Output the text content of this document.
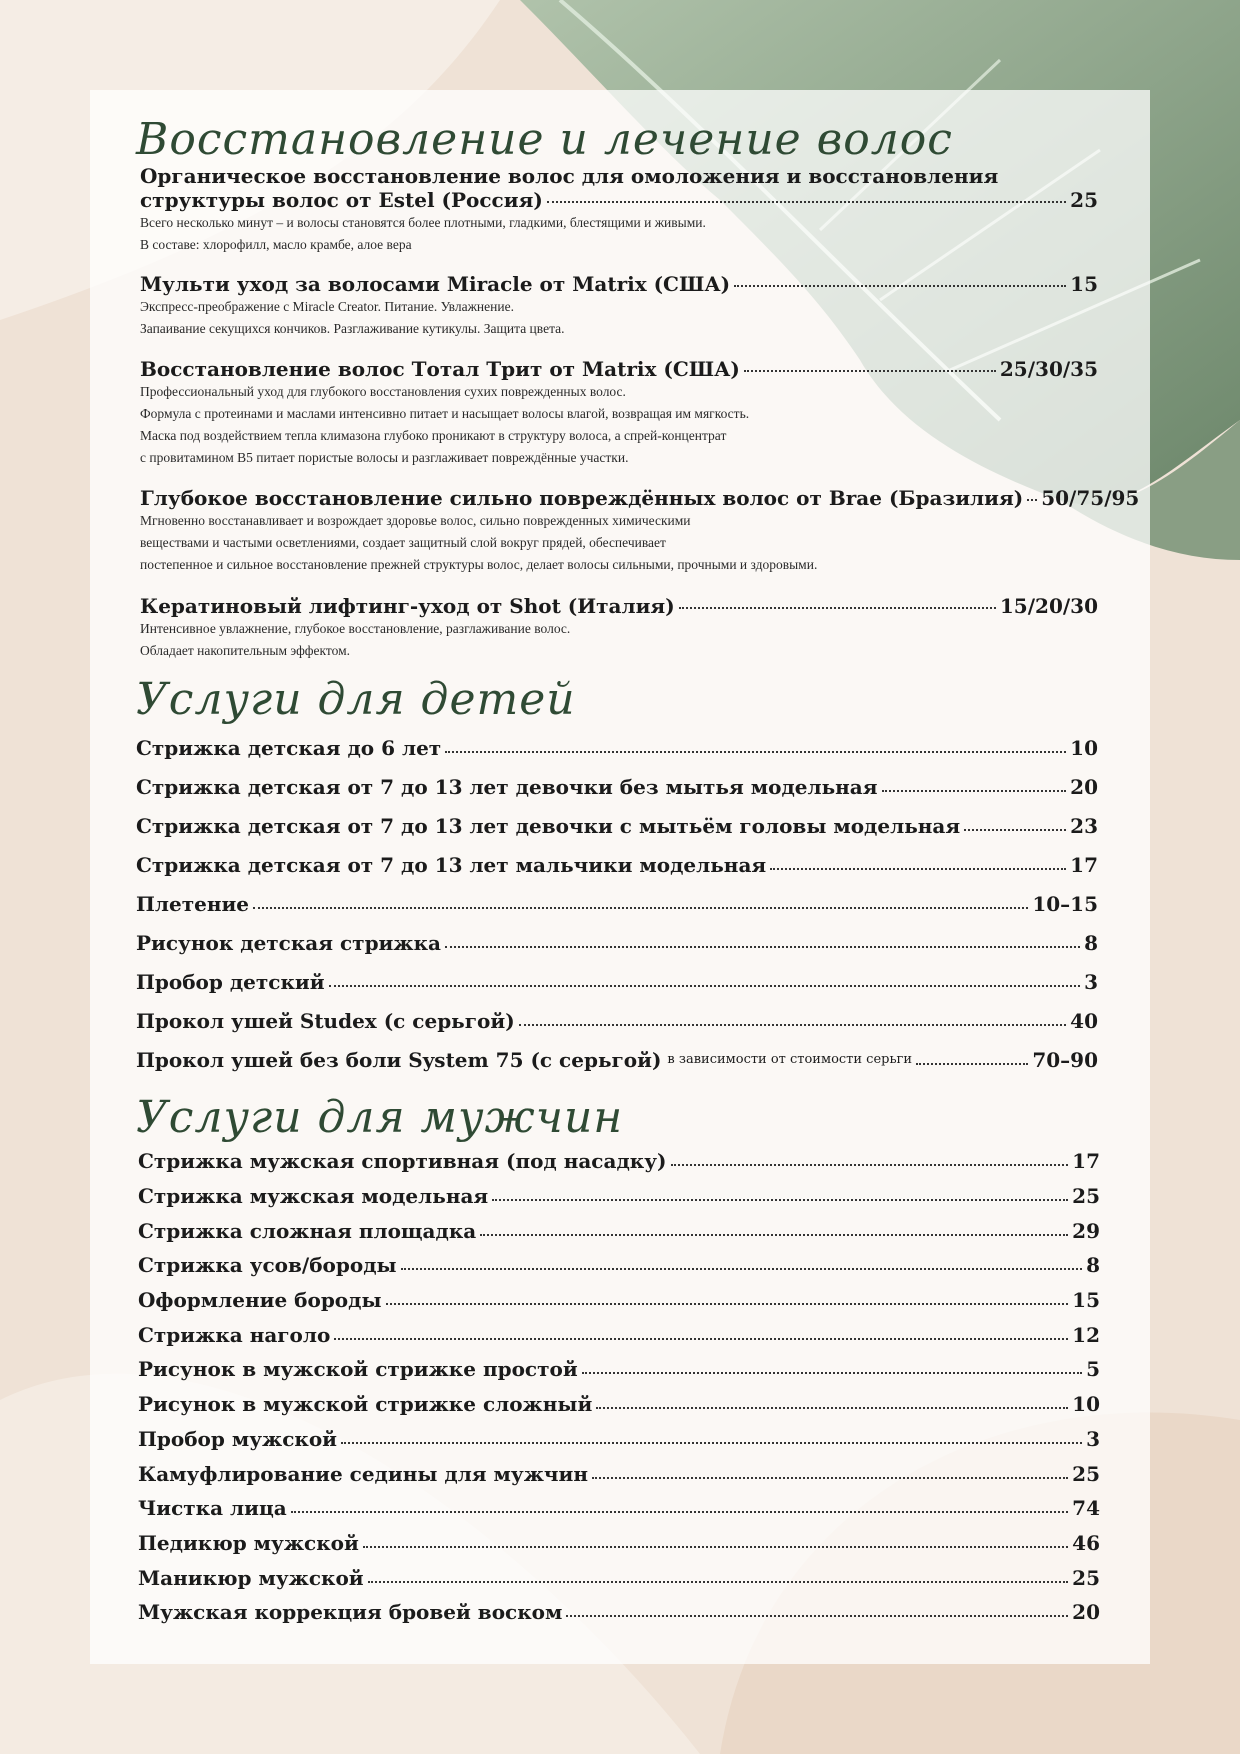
Восстановление и лечение волос
Органическое восстановление волос для омоложения и восстановления
структуры волос от Estel (Россия)	25
Всего несколько минут – и волосы становятся более плотными, гладкими, блестящими и живыми.
В составе: хлорофилл, масло крамбе, алое вера
Мульти уход за волосами Miracle от Matrix (США)	15
Экспресс-преображение с Miracle Creator. Питание. Увлажнение.
Запаивание секущихся кончиков. Разглаживание кутикулы. Защита цвета.
Восстановление волос Тотал Трит от Matrix (США)	25/30/35
Профессиональный уход для глубокого восстановления сухих поврежденных волос.
Формула с протеинами и маслами интенсивно питает и насыщает волосы влагой, возвращая им мягкость.
Маска под воздействием тепла климазона глубоко проникают в структуру волоса, а спрей-концентрат
с провитамином B5 питает пористые волосы и разглаживает повреждённые участки.
Глубокое восстановление сильно повреждённых волос от Brae (Бразилия) 50/75/95
Мгновенно восстанавливает и возрождает здоровье волос, сильно поврежденных химическими
веществами и частыми осветлениями, создает защитный слой вокруг прядей, обеспечивает
постепенное и сильное восстановление прежней структуры волос, делает волосы сильными, прочными и здоровыми.
Кератиновый лифтинг-уход от Shot (Италия)	15/20/30
Интенсивное увлажнение, глубокое восстановление, разглаживание волос.
Обладает накопительным эффектом.
Услуги для детей
Стрижка детская до 6 лет	10
Стрижка детская от 7 до 13 лет девочки без мытья модельная	20
Стрижка детская от 7 до 13 лет девочки с мытьём головы модельная	23
Стрижка детская от 7 до 13 лет мальчики модельная	17
Плетение	10–15
Рисунок детская стрижка	8
Пробор детский	3
Прокол ушей Studex (с серьгой)	40
Прокол ушей без боли System 75 (с серьгой) в зависимости от стоимости серьги	70–90
Услуги для мужчин
Стрижка мужская спортивная (под насадку)	17
Стрижка мужская модельная	25
Стрижка сложная площадка	29
Стрижка усов/бороды	8
Оформление бороды	15
Стрижка наголо	12
Рисунок в мужской стрижке простой	5
Рисунок в мужской стрижке сложный	10
Пробор мужской	3
Камуфлирование седины для мужчин	25
Чистка лица	74
Педикюр мужской	46
Маникюр мужской	25
Мужская коррекция бровей воском	20
